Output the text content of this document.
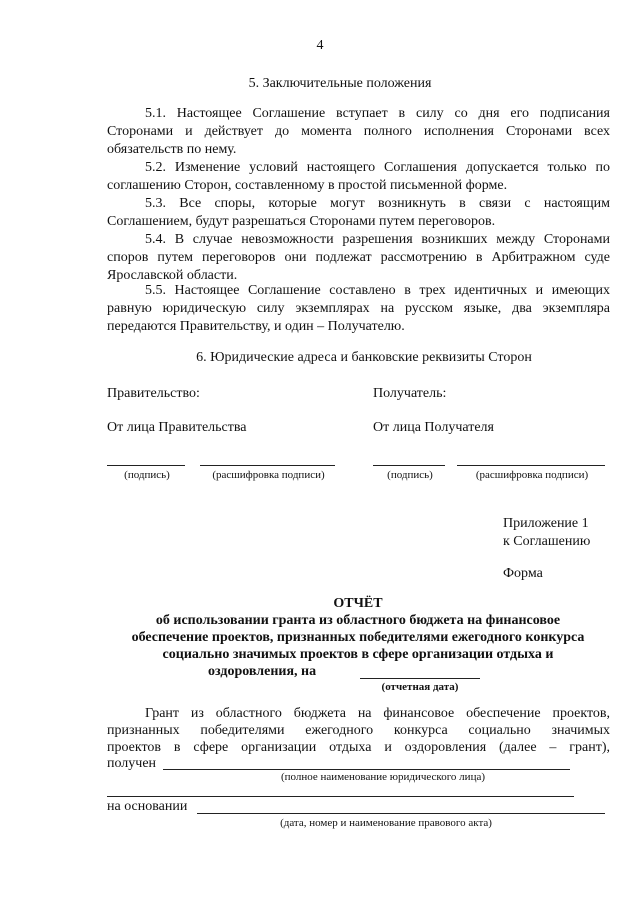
4
5. Заключительные положения
5.1. Настоящее Соглашение вступает в силу со дня его подписания Сторонами и действует до момента полного исполнения Сторонами всех обязательств по нему.
5.2. Изменение условий настоящего Соглашения допускается только по соглашению Сторон, составленному в простой письменной форме.
5.3. Все споры, которые могут возникнуть в связи с настоящим Соглашением, будут разрешаться Сторонами путем переговоров.
5.4. В случае невозможности разрешения возникших между Сторонами споров путем переговоров они подлежат рассмотрению в Арбитражном суде Ярославской области.
5.5. Настоящее Соглашение составлено в трех идентичных и имеющих равную юридическую силу экземплярах на русском языке, два экземпляра передаются Правительству, и один – Получателю.
6. Юридические адреса и банковские реквизиты Сторон
Правительство:	Получатель:
От лица Правительства	От лица Получателя
(подпись)	(расшифровка подписи)	(подпись)	(расшифровка подписи)
Приложение 1
к Соглашению
Форма
ОТЧЁТ
об использовании гранта из областного бюджета на финансовое
обеспечение проектов, признанных победителями ежегодного конкурса
социально значимых проектов в сфере организации отдыха и
оздоровления, на
(отчетная дата)
Грант из областного бюджета на финансовое обеспечение проектов,
признанных победителями ежегодного конкурса социально значимых
проектов в сфере организации отдыха и оздоровления (далее – грант),
получен
(полное наименование юридического лица)
на основании
(дата, номер и наименование правового акта)
